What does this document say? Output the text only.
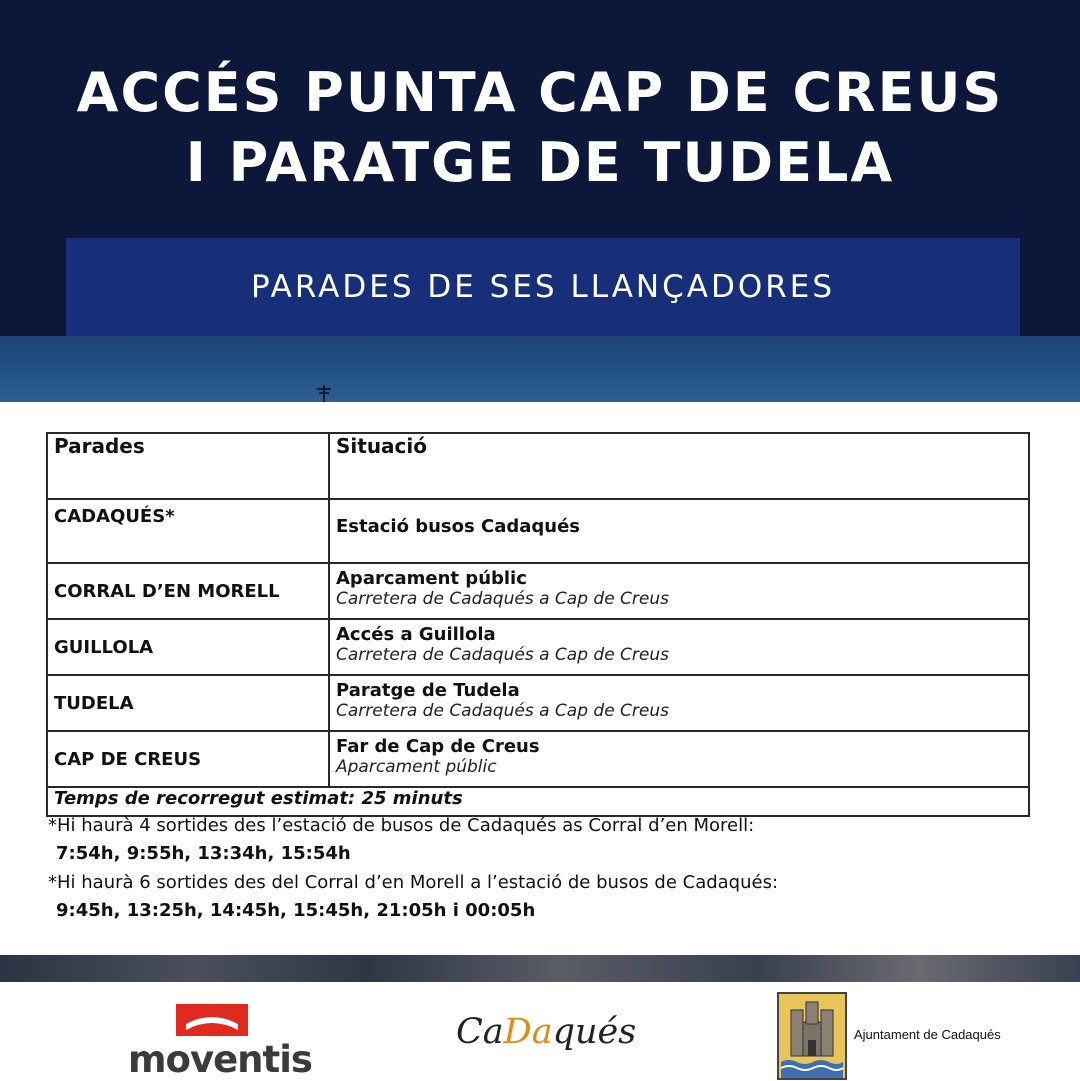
ACCÉS PUNTA CAP DE CREUS
I PARATGE DE TUDELA
PARADES DE SES LLANÇADORES
Parades	Situació
CADAQUÉS*	Estació busos Cadaqués

CORRAL D’EN MORELL	Aparcament públic
Carretera de Cadaqués a Cap de Creus

GUILLOLA	Accés a Guillola
Carretera de Cadaqués a Cap de Creus

TUDELA	Paratge de Tudela
Carretera de Cadaqués a Cap de Creus

CAP DE CREUS	Far de Cap de Creus
Aparcament públic

Temps de recorregut estimat: 25 minuts	
*Hi haurà 4 sortides des l’estació de busos de Cadaqués as Corral d’en Morell:
7:54h, 9:55h, 13:34h, 15:54h
*Hi haurà 6 sortides des del Corral d’en Morell a l’estació de busos de Cadaqués:
9:45h, 13:25h, 14:45h, 15:45h, 21:05h i 00:05h
moventis
CaDaqués	Ajuntament de Cadaqués
